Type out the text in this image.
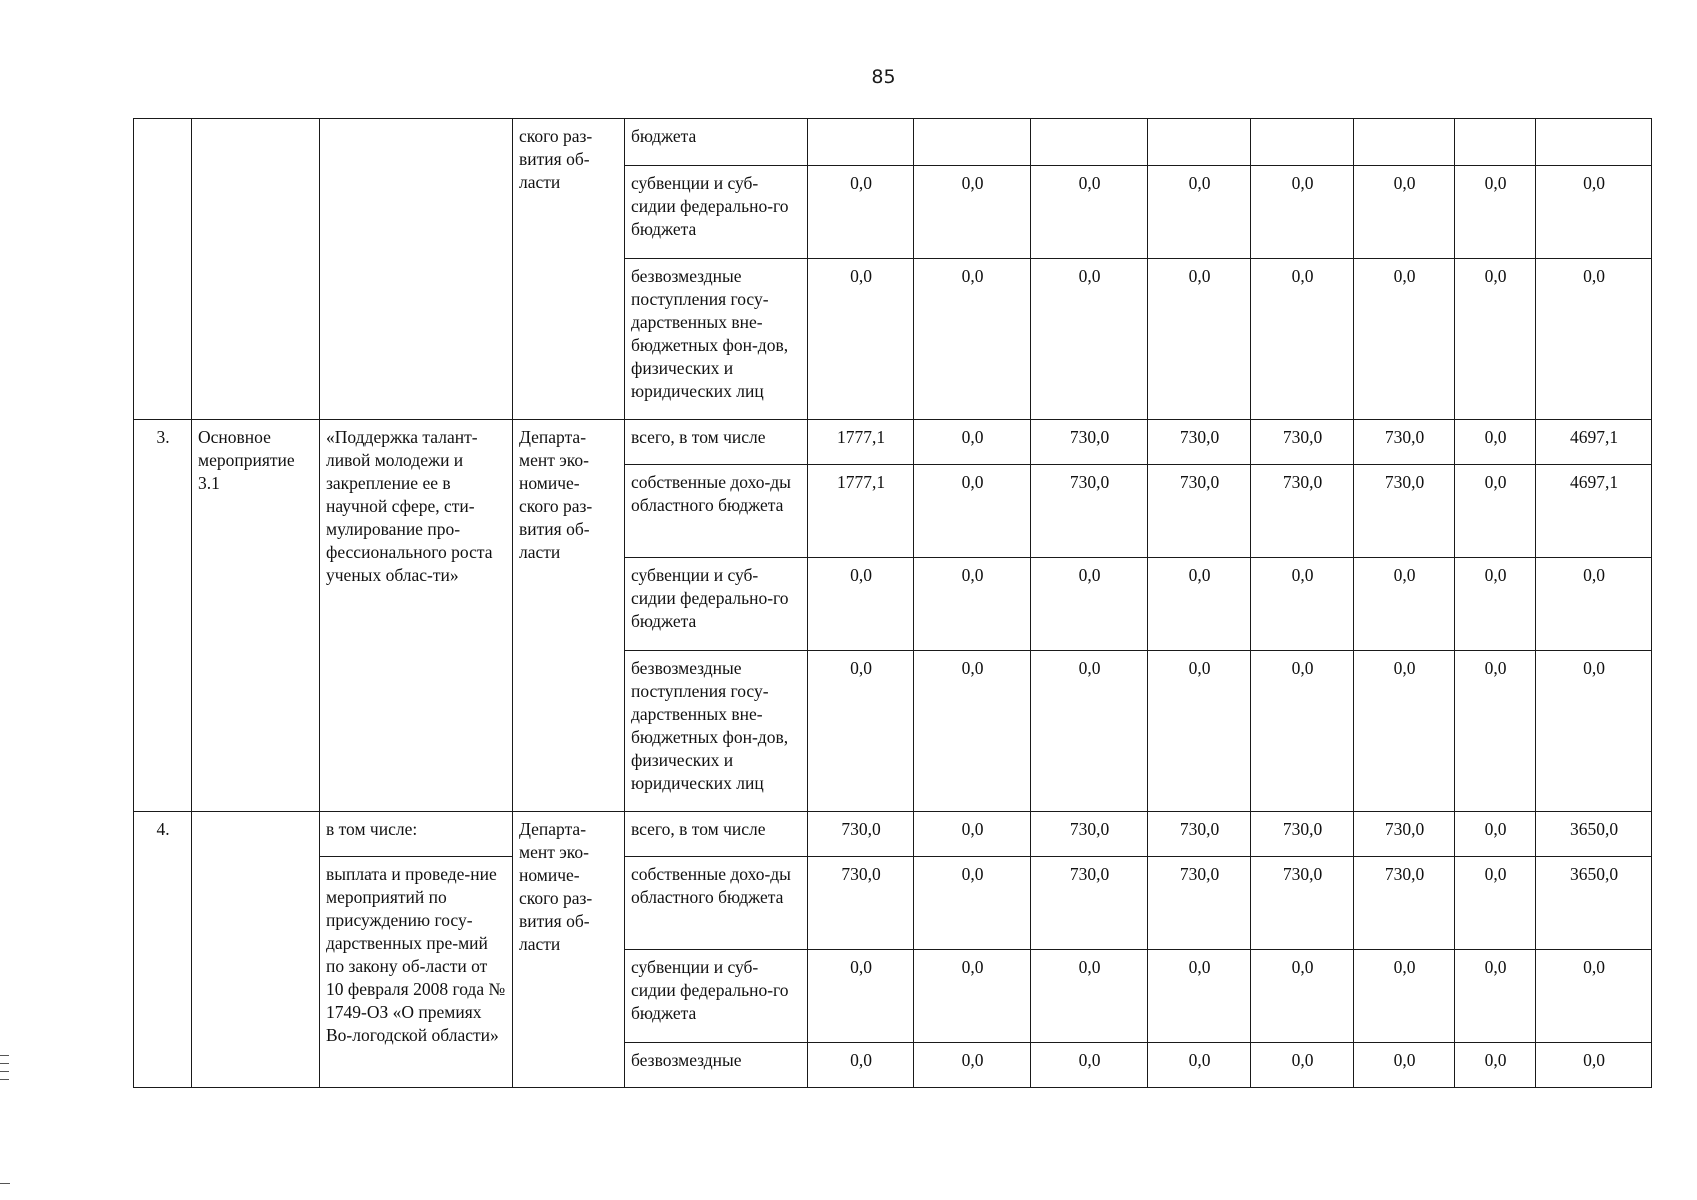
85
			ского раз-вития об-ласти	бюджета								
				субвенции и суб-сидии федерально-го бюджета	0,0	0,0	0,0	0,0	0,0	0,0	0,0	0,0
				безвозмездные поступления госу-дарственных вне-бюджетных фон-дов, физических и юридических лиц	0,0	0,0	0,0	0,0	0,0	0,0	0,0	0,0
3.	Основное мероприятие 3.1	«Поддержка талант-ливой молодежи и закрепление ее в научной сфере, сти-мулирование про-фессионального роста ученых облас-ти»	Департа-мент эко-номиче-ского раз-вития об-ласти	всего, в том числе	1777,1	0,0	730,0	730,0	730,0	730,0	0,0	4697,1
				собственные дохо-ды областного бюджета	1777,1	0,0	730,0	730,0	730,0	730,0	0,0	4697,1
				субвенции и суб-сидии федерально-го бюджета	0,0	0,0	0,0	0,0	0,0	0,0	0,0	0,0
				безвозмездные поступления госу-дарственных вне-бюджетных фон-дов, физических и юридических лиц	0,0	0,0	0,0	0,0	0,0	0,0	0,0	0,0
4.		в том числе:	Департа-мент эко-номиче-ского раз-вития об-ласти	всего, в том числе	730,0	0,0	730,0	730,0	730,0	730,0	0,0	3650,0
		выплата и проведе-ние мероприятий по присуждению госу-дарственных пре-мий по закону об-ласти от 10 февраля 2008 года № 1749-ОЗ «О премиях Во-логодской области»		собственные дохо-ды областного бюджета	730,0	0,0	730,0	730,0	730,0	730,0	0,0	3650,0
				субвенции и суб-сидии федерально-го бюджета	0,0	0,0	0,0	0,0	0,0	0,0	0,0	0,0
				безвозмездные	0,0	0,0	0,0	0,0	0,0	0,0	0,0	0,0
